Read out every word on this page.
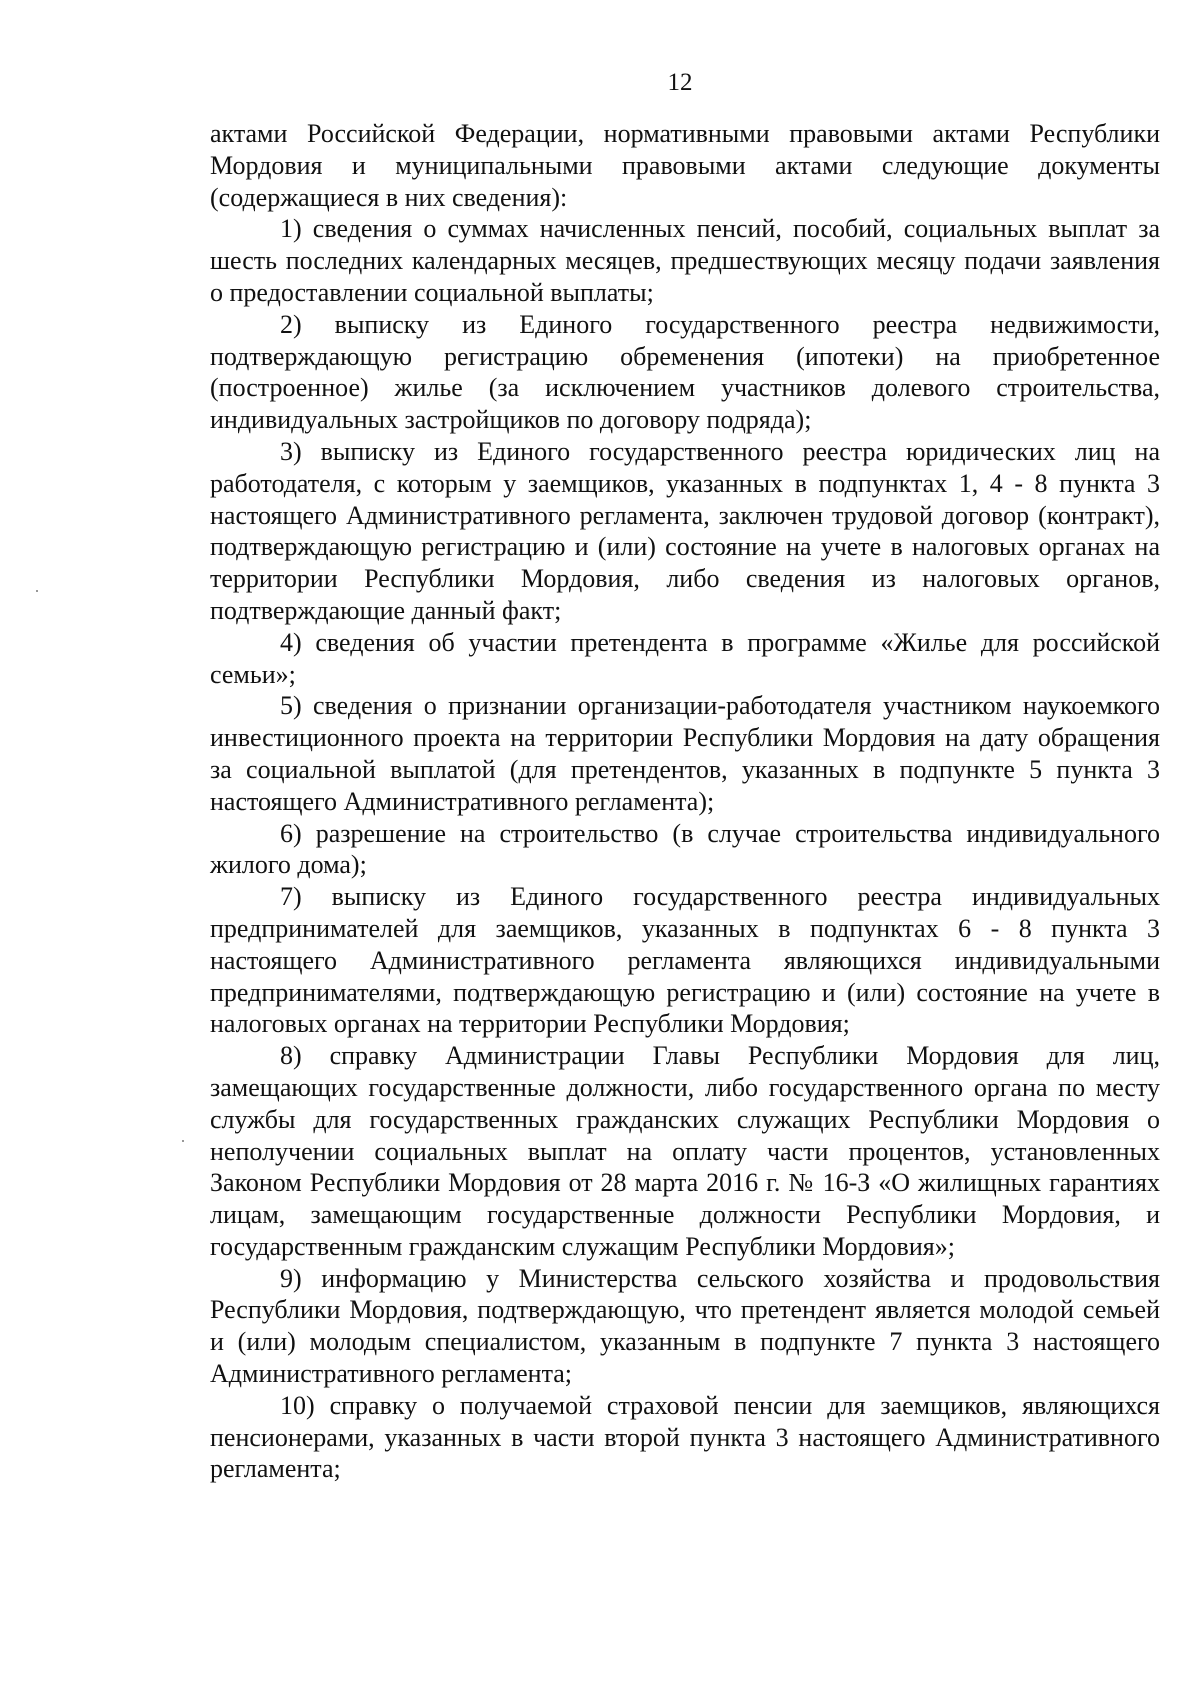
12

актами Российской Федерации, нормативными правовыми актами Республики Мордовия и муниципальными правовыми актами следующие документы (содержащиеся в них сведения):

1) сведения о суммах начисленных пенсий, пособий, социальных выплат за шесть последних календарных месяцев, предшествующих месяцу подачи заявления о предоставлении социальной выплаты;

2) выписку из Единого государственного реестра недвижимости, подтверждающую регистрацию обременения (ипотеки) на приобретенное (построенное) жилье (за исключением участников долевого строительства, индивидуальных застройщиков по договору подряда);

3) выписку из Единого государственного реестра юридических лиц на работодателя, с которым у заемщиков, указанных в подпунктах 1, 4 - 8 пункта 3 настоящего Административного регламента, заключен трудовой договор (контракт), подтверждающую регистрацию и (или) состояние на учете в налоговых органах на территории Республики Мордовия, либо сведения из налоговых органов, подтверждающие данный факт;

4) сведения об участии претендента в программе «Жилье для российской семьи»;

5) сведения о признании организации-работодателя участником наукоемкого инвестиционного проекта на территории Республики Мордовия на дату обращения за социальной выплатой (для претендентов, указанных в подпункте 5 пункта 3 настоящего Административного регламента);

6) разрешение на строительство (в случае строительства индивидуального жилого дома);

7) выписку из Единого государственного реестра индивидуальных предпринимателей для заемщиков, указанных в подпунктах 6 - 8 пункта 3 настоящего Административного регламента являющихся индивидуальными предпринимателями, подтверждающую регистрацию и (или) состояние на учете в налоговых органах на территории Республики Мордовия;

8) справку Администрации Главы Республики Мордовия для лиц, замещающих государственные должности, либо государственного органа по месту службы для государственных гражданских служащих Республики Мордовия о неполучении социальных выплат на оплату части процентов, установленных Законом Республики Мордовия от 28 марта 2016 г. № 16-З «О жилищных гарантиях лицам, замещающим государственные должности Республики Мордовия, и государственным гражданским служащим Республики Мордовия»;

9) информацию у Министерства сельского хозяйства и продовольствия Республики Мордовия, подтверждающую, что претендент является молодой семьей и (или) молодым специалистом, указанным в подпункте 7 пункта 3 настоящего Административного регламента;

10) справку о получаемой страховой пенсии для заемщиков, являющихся пенсионерами, указанных в части второй пункта 3 настоящего Административного регламента;
